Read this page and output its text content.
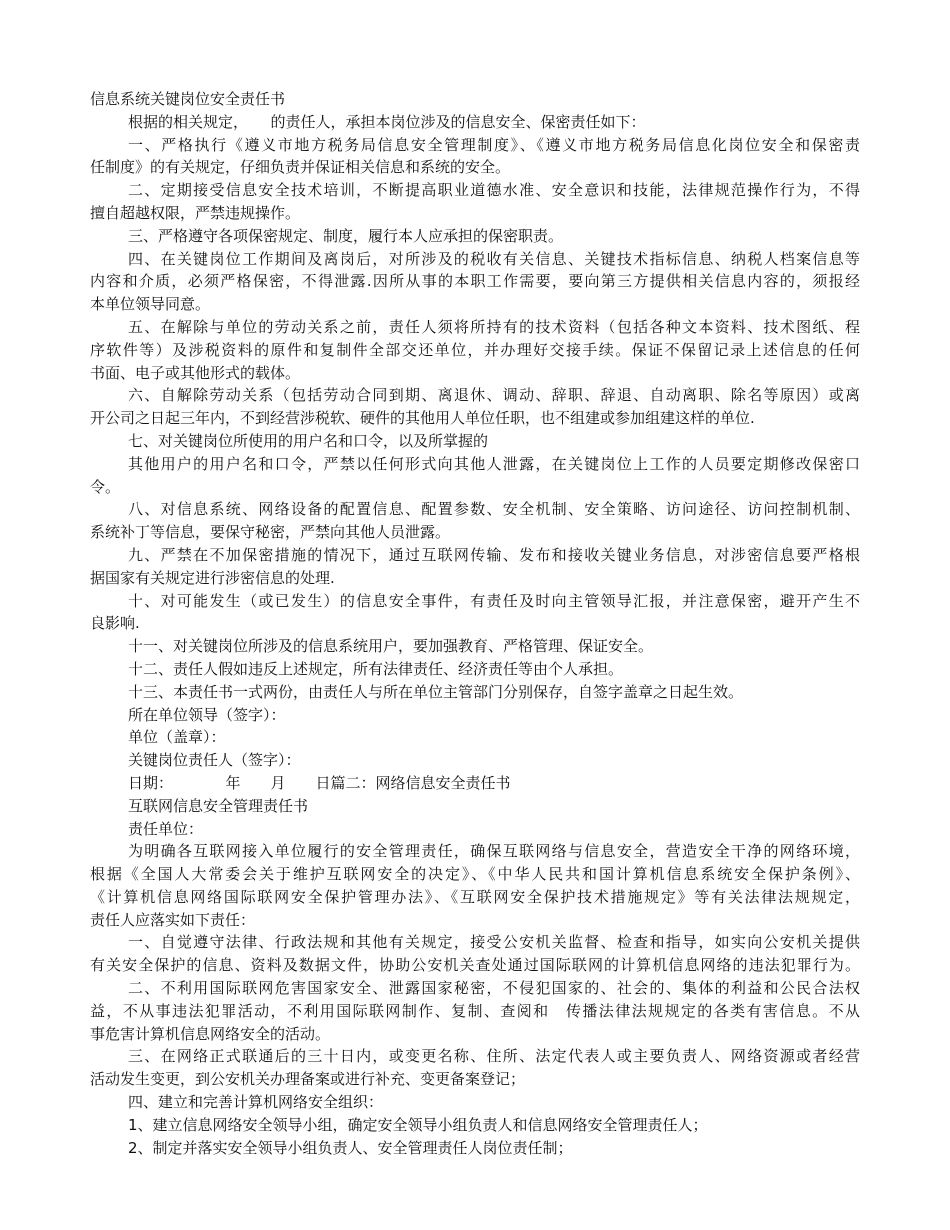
信息系统关键岗位安全责任书
根据的相关规定，　　的责任人，承担本岗位涉及的信息安全、保密责任如下：
一、严格执行《遵义市地方税务局信息安全管理制度》、《遵义市地方税务局信息化岗位安全和保密责
任制度》的有关规定，仔细负责并保证相关信息和系统的安全。
二、定期接受信息安全技术培训，不断提高职业道德水准、安全意识和技能，法律规范操作行为，不得
擅自超越权限，严禁违规操作。
三、严格遵守各项保密规定、制度，履行本人应承担的保密职责。
四、在关键岗位工作期间及离岗后，对所涉及的税收有关信息、关键技术指标信息、纳税人档案信息等
内容和介质，必须严格保密，不得泄露.因所从事的本职工作需要，要向第三方提供相关信息内容的，须报经
本单位领导同意。
五、在解除与单位的劳动关系之前，责任人须将所持有的技术资料（包括各种文本资料、技术图纸、程
序软件等）及涉税资料的原件和复制件全部交还单位，并办理好交接手续。保证不保留记录上述信息的任何
书面、电子或其他形式的载体。
六、自解除劳动关系（包括劳动合同到期、离退休、调动、辞职、辞退、自动离职、除名等原因）或离
开公司之日起三年内，不到经营涉税软、硬件的其他用人单位任职，也不组建或参加组建这样的单位.
七、对关键岗位所使用的用户名和口令，以及所掌握的
其他用户的用户名和口令，严禁以任何形式向其他人泄露，在关键岗位上工作的人员要定期修改保密口
令。
八、对信息系统、网络设备的配置信息、配置参数、安全机制、安全策略、访问途径、访问控制机制、
系统补丁等信息，要保守秘密，严禁向其他人员泄露。
九、严禁在不加保密措施的情况下，通过互联网传输、发布和接收关键业务信息，对涉密信息要严格根
据国家有关规定进行涉密信息的处理.
十、对可能发生（或已发生）的信息安全事件，有责任及时向主管领导汇报，并注意保密，避开产生不
良影响.
十一、对关键岗位所涉及的信息系统用户，要加强教育、严格管理、保证安全。
十二、责任人假如违反上述规定，所有法律责任、经济责任等由个人承担。
十三、本责任书一式两份，由责任人与所在单位主管部门分别保存，自签字盖章之日起生效。
所在单位领导（签字）：
单位（盖章）：
关键岗位责任人（签字）：
日期：　　　　年　　月　　日篇二：网络信息安全责任书
互联网信息安全管理责任书
责任单位：
为明确各互联网接入单位履行的安全管理责任，确保互联网络与信息安全，营造安全干净的网络环境，
根据《全国人大常委会关于维护互联网安全的决定》、《中华人民共和国计算机信息系统安全保护条例》、
《计算机信息网络国际联网安全保护管理办法》、《互联网安全保护技术措施规定》等有关法律法规规定，
责任人应落实如下责任：
一、自觉遵守法律、行政法规和其他有关规定，接受公安机关监督、检查和指导，如实向公安机关提供
有关安全保护的信息、资料及数据文件，协助公安机关查处通过国际联网的计算机信息网络的违法犯罪行为。
二、不利用国际联网危害国家安全、泄露国家秘密，不侵犯国家的、社会的、集体的利益和公民合法权
益，不从事违法犯罪活动，不利用国际联网制作、复制、查阅和　传播法律法规规定的各类有害信息。不从
事危害计算机信息网络安全的活动。
三、在网络正式联通后的三十日内，或变更名称、住所、法定代表人或主要负责人、网络资源或者经营
活动发生变更，到公安机关办理备案或进行补充、变更备案登记；
四、建立和完善计算机网络安全组织：
1、建立信息网络安全领导小组，确定安全领导小组负责人和信息网络安全管理责任人；
2、制定并落实安全领导小组负责人、安全管理责任人岗位责任制；
